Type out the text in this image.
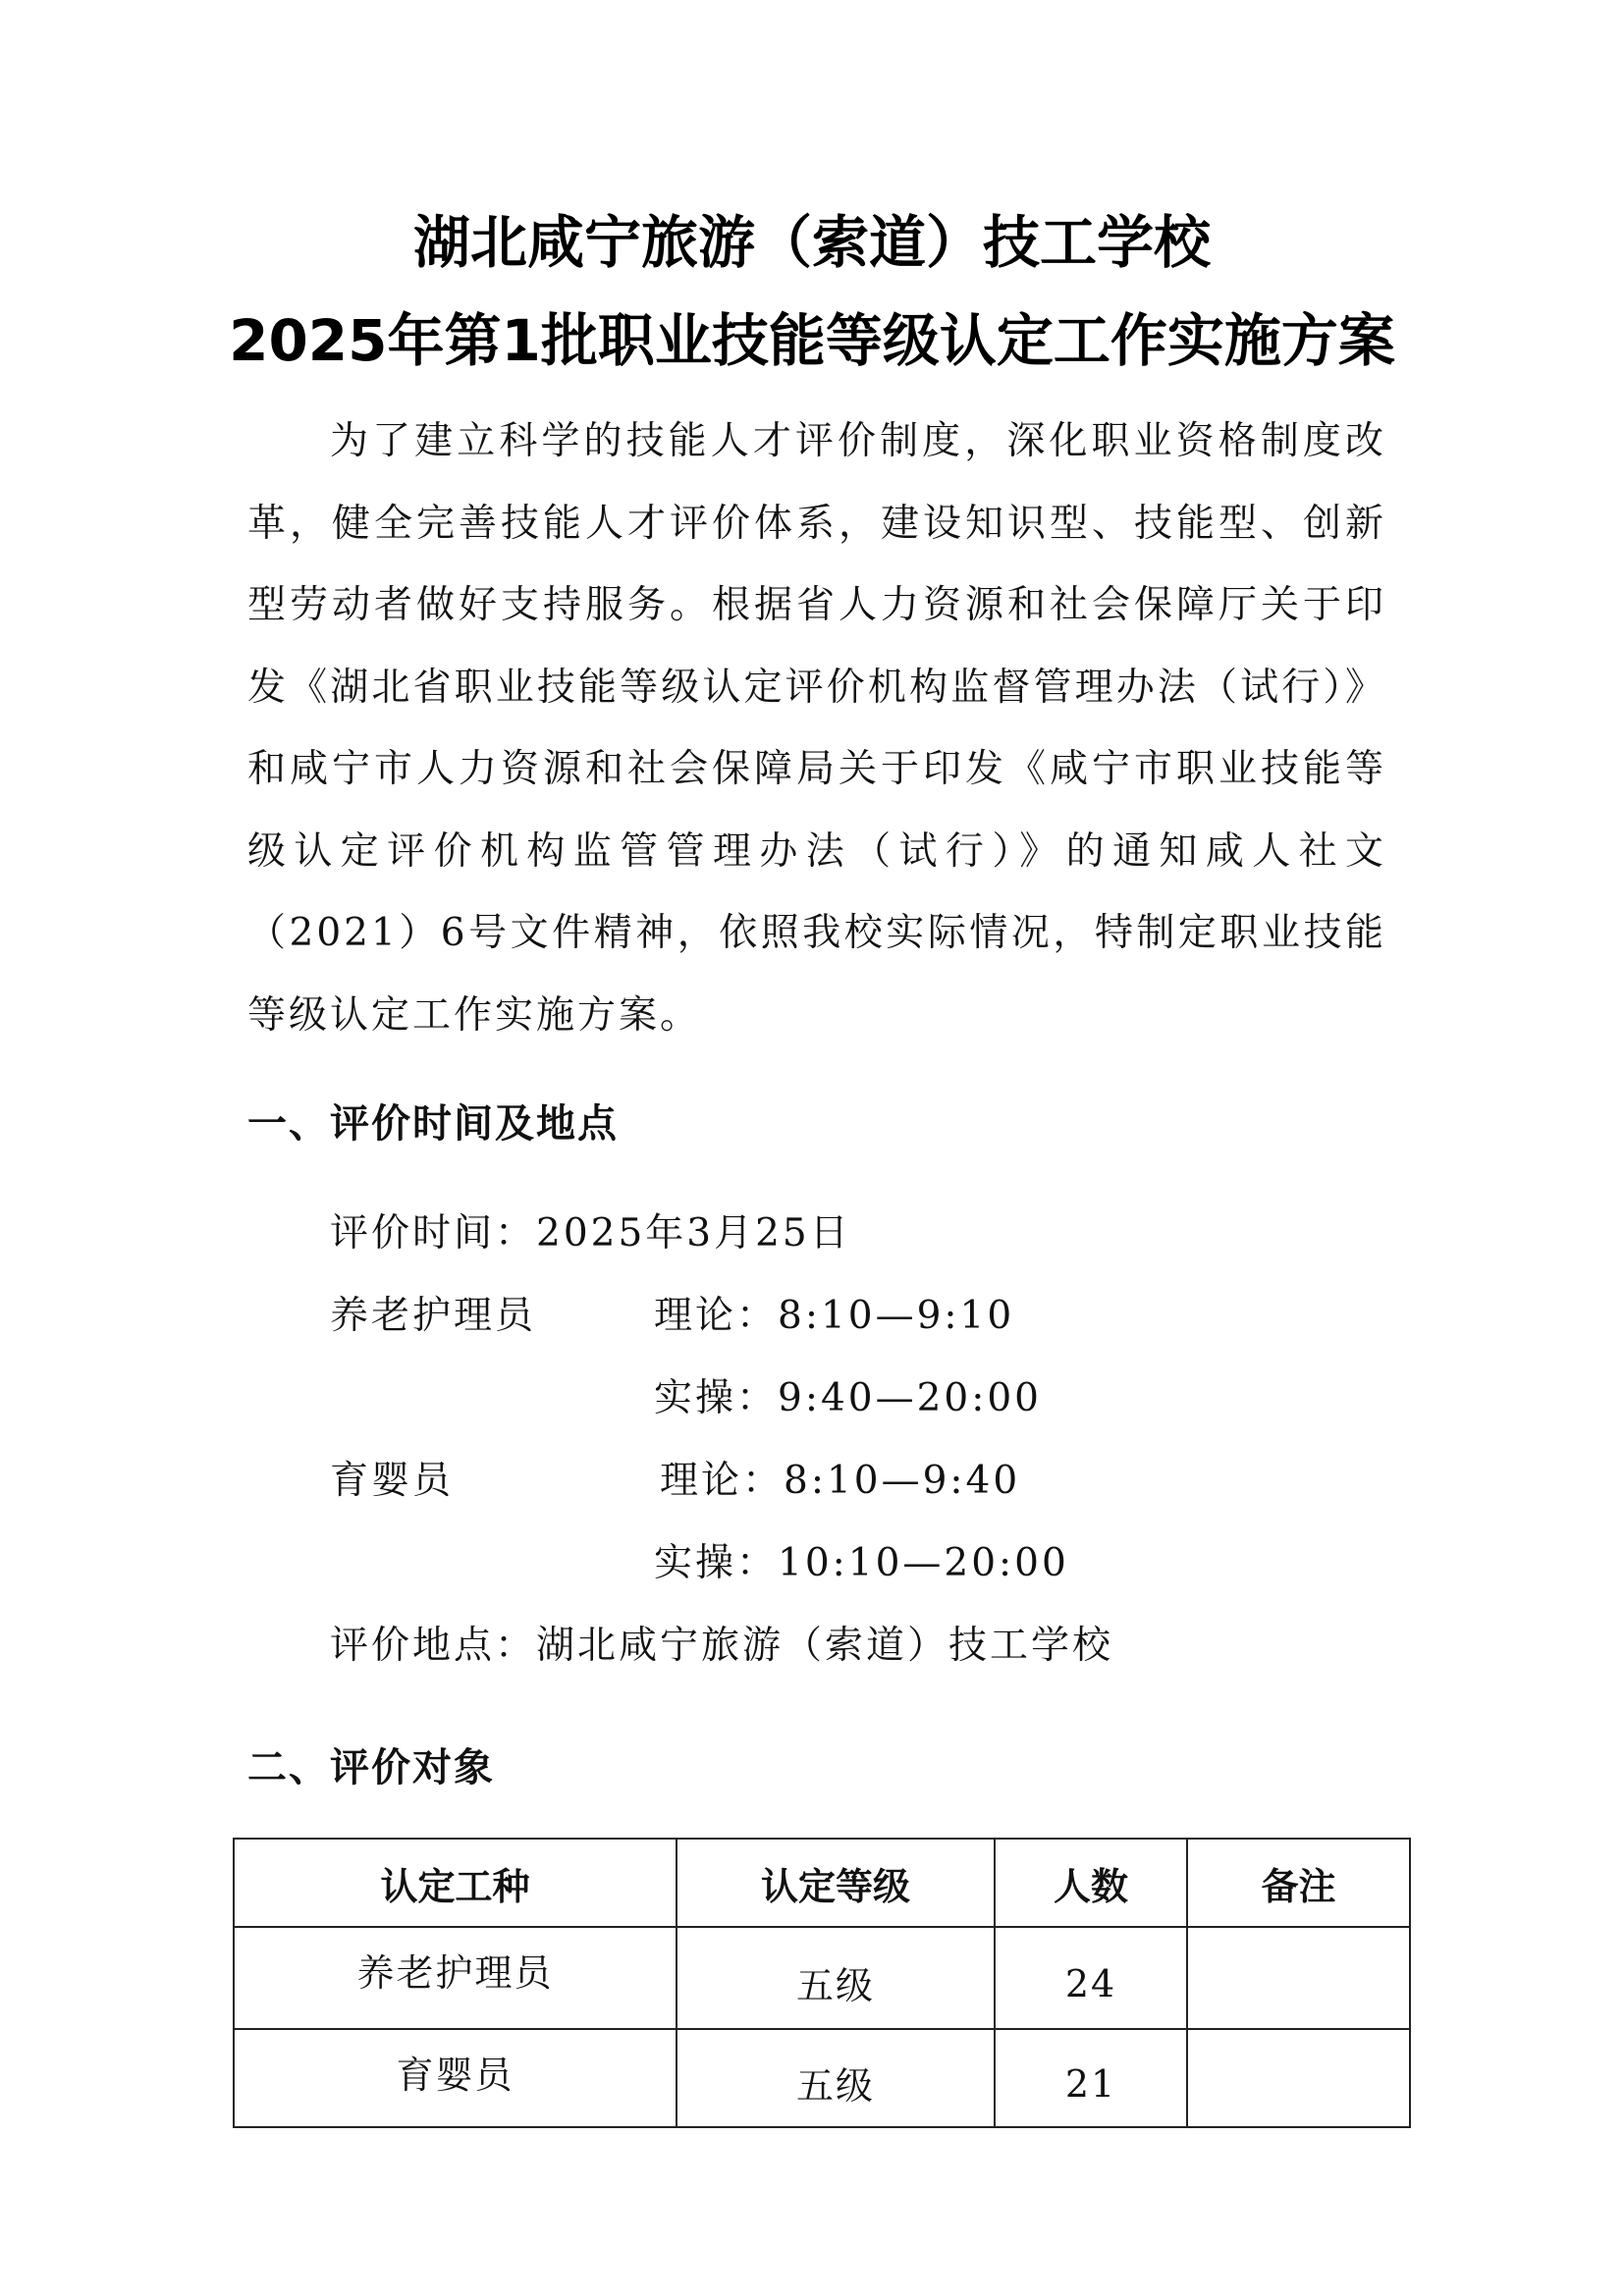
湖北咸宁旅游（索道）技工学校
2025年第1批职业技能等级认定工作实施方案

为了建立科学的技能人才评价制度，深化职业资格制度改革，健全完善技能人才评价体系，建设知识型、技能型、创新型劳动者做好支持服务。根据省人力资源和社会保障厅关于印发《湖北省职业技能等级认定评价机构监督管理办法（试行）》和咸宁市人力资源和社会保障局关于印发《咸宁市职业技能等级认定评价机构监管管理办法（试行）》的通知咸人社文（2021）6号文件精神，依照我校实际情况，特制定职业技能等级认定工作实施方案。

一、评价时间及地点
评价时间：2025年3月25日
养老护理员	理论：8:10—9:10
实操：9:40—20:00
育婴员	理论：8:10—9:40
实操：10:10—20:00
评价地点：湖北咸宁旅游（索道）技工学校
二、评价对象
认定工种	认定等级	人数	备注
养老护理员	五级	24	
育婴员	五级	21	
